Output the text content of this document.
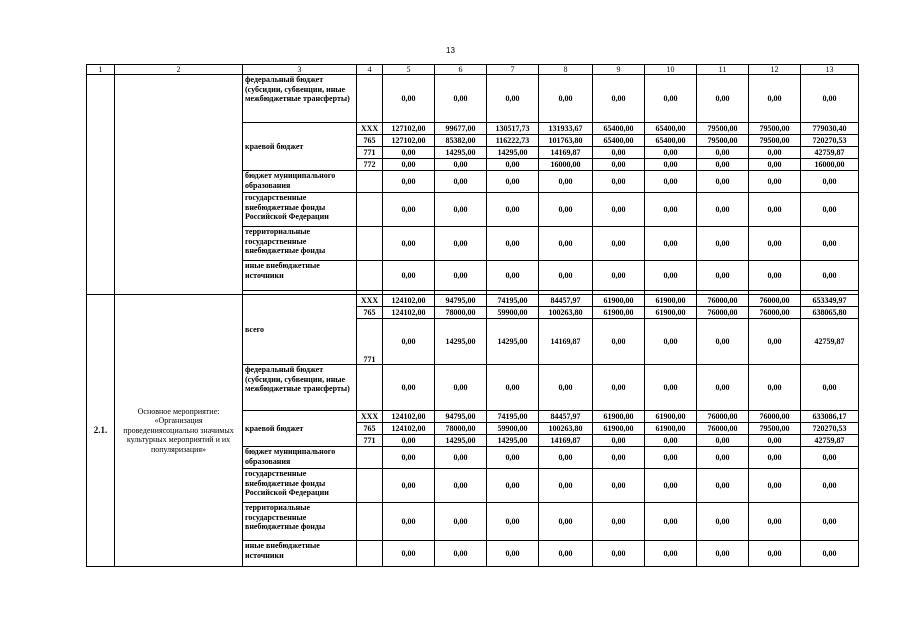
13
1	2	3	4	5	6	7	8	9	10	11	12	13
		федеральный бюджет (субсидии, субвенции, иные межбюджетные трансферты)		0,00	0,00	0,00	0,00	0,00	0,00	0,00	0,00	0,00
		краевой бюджет	XXX	127102,00	99677,00	130517,73	131933,67	65400,00	65400,00	79500,00	79500,00	779030,40
			765	127102,00	85382,00	116222,73	101763,80	65400,00	65400,00	79500,00	79500,00	720270,53
			771	0,00	14295,00	14295,00	14169,87	0,00	0,00	0,00	0,00	42759,87
			772	0,00	0,00	0,00	16000,00	0,00	0,00	0,00	0,00	16000,00
		бюджет муниципального образования		0,00	0,00	0,00	0,00	0,00	0,00	0,00	0,00	0,00
		государственные внебюджетные фонды Российской Федерации		0,00	0,00	0,00	0,00	0,00	0,00	0,00	0,00	0,00
		территориальные государственные внебюджетные фонды		0,00	0,00	0,00	0,00	0,00	0,00	0,00	0,00	0,00
		иные внебюджетные источники		0,00	0,00	0,00	0,00	0,00	0,00	0,00	0,00	0,00

2.1.	Основное мероприятие: «Организация проведениясоциально значимых культурных мероприятий и их популяризация»	всего	XXX	124102,00	94795,00	74195,00	84457,97	61900,00	61900,00	76000,00	76000,00	653349,97
			765	124102,00	78000,00	59900,00	100263,80	61900,00	61900,00	76000,00	76000,00	638065,80
			771	0,00	14295,00	14295,00	14169,87	0,00	0,00	0,00	0,00	42759,87
		федеральный бюджет (субсидии, субвенции, иные межбюджетные трансферты)		0,00	0,00	0,00	0,00	0,00	0,00	0,00	0,00	0,00
		краевой бюджет	XXX	124102,00	94795,00	74195,00	84457,97	61900,00	61900,00	76000,00	76000,00	633086,17
			765	124102,00	78000,00	59900,00	100263,80	61900,00	61900,00	76000,00	79500,00	720270,53
			771	0,00	14295,00	14295,00	14169,87	0,00	0,00	0,00	0,00	42759,87
		бюджет муниципального образования		0,00	0,00	0,00	0,00	0,00	0,00	0,00	0,00	0,00
		государственные внебюджетные фонды Российской Федерации		0,00	0,00	0,00	0,00	0,00	0,00	0,00	0,00	0,00
		территориальные государственные внебюджетные фонды		0,00	0,00	0,00	0,00	0,00	0,00	0,00	0,00	0,00
		иные внебюджетные источники		0,00	0,00	0,00	0,00	0,00	0,00	0,00	0,00	0,00
